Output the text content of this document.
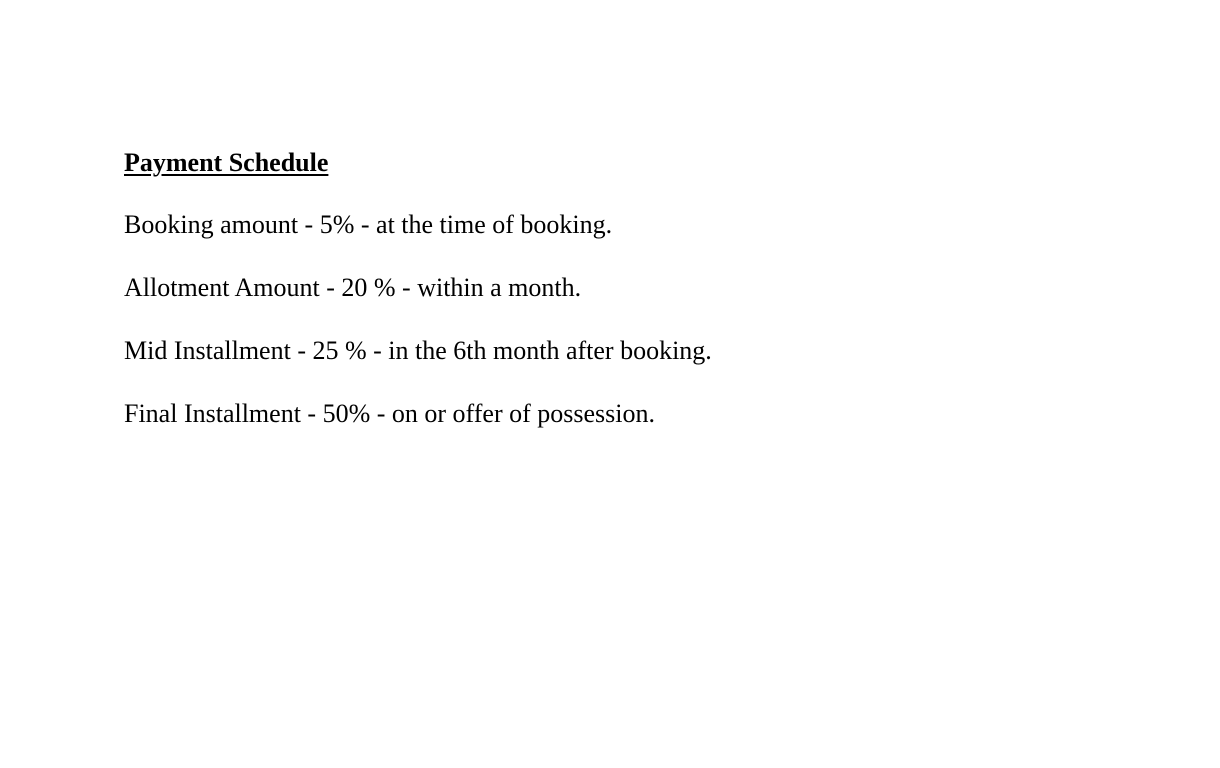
Payment Schedule
Booking amount - 5% - at the time of booking.
Allotment Amount - 20 % - within a month.
Mid Installment - 25 % - in the 6th month after booking.
Final Installment - 50% - on or offer of possession.
